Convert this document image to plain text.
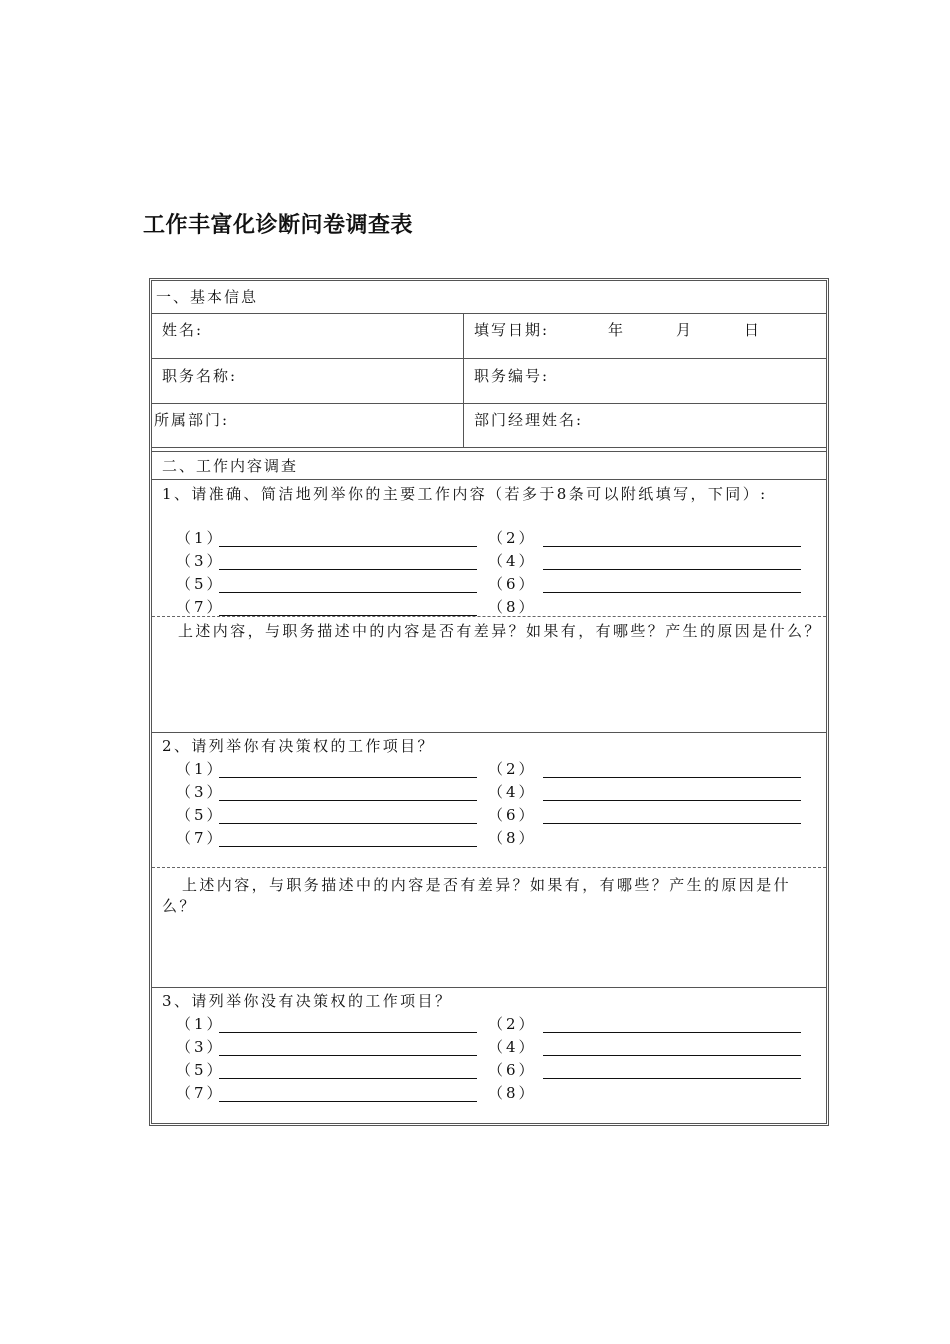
工作丰富化诊断问卷调查表
一、基本信息
姓名:	填写日期:	年	月	日
职务名称:	职务编号:
所属部门:	部门经理姓名:
二、工作内容调查
1、请准确、简洁地列举你的主要工作内容（若多于8条可以附纸填写，下同）:
（1）	（2）
（3）	（4）
（5）	（6）
（7）	（8）
上述内容，与职务描述中的内容是否有差异？如果有，有哪些？产生的原因是什么？
2、请列举你有决策权的工作项目？
（1）	（2）
（3）	（4）
（5）	（6）
（7）	（8）
上述内容，与职务描述中的内容是否有差异？如果有，有哪些？产生的原因是什么？
3、请列举你没有决策权的工作项目？
（1）	（2）
（3）	（4）
（5）	（6）
（7）	（8）
